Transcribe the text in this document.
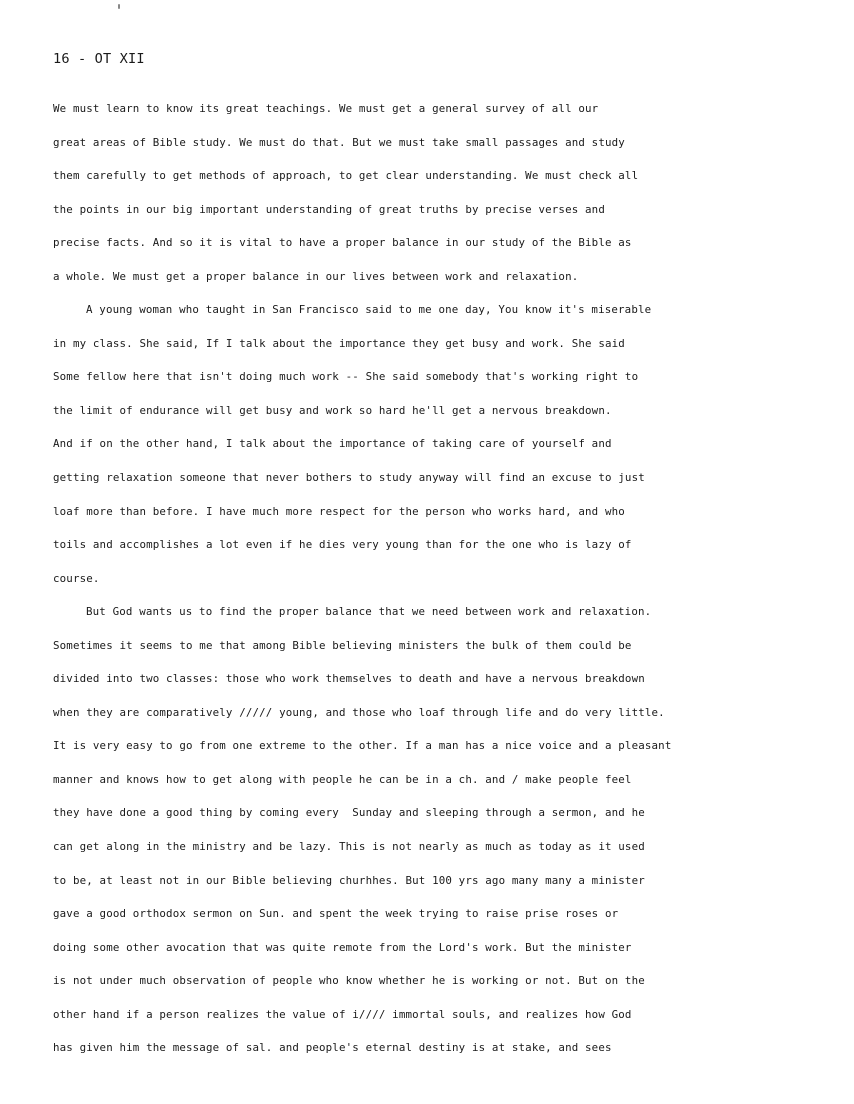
16 - OT XII
We must learn to know its great teachings. We must get a general survey of all our
great areas of Bible study. We must do that. But we must take small passages and study
them carefully to get methods of approach, to get clear understanding. We must check all
the points in our big important understanding of great truths by precise verses and
precise facts. And so it is vital to have a proper balance in our study of the Bible as
a whole. We must get a proper balance in our lives between work and relaxation.
A young woman who taught in San Francisco said to me one day, You know it's miserable
in my class. She said, If I talk about the importance they get busy and work. She said
Some fellow here that isn't doing much work -- She said somebody that's working right to
the limit of endurance will get busy and work so hard he'll get a nervous breakdown.
And if on the other hand, I talk about the importance of taking care of yourself and
getting relaxation someone that never bothers to study anyway will find an excuse to just
loaf more than before. I have much more respect for the person who works hard, and who
toils and accomplishes a lot even if he dies very young than for the one who is lazy of
course.
But God wants us to find the proper balance that we need between work and relaxation.
Sometimes it seems to me that among Bible believing ministers the bulk of them could be
divided into two classes: those who work themselves to death and have a nervous breakdown
when they are comparatively ///// young, and those who loaf through life and do very little.
It is very easy to go from one extreme to the other. If a man has a nice voice and a pleasant
manner and knows how to get along with people he can be in a ch. and / make people feel
they have done a good thing by coming every  Sunday and sleeping through a sermon, and he
can get along in the ministry and be lazy. This is not nearly as much as today as it used
to be, at least not in our Bible believing churhhes. But 100 yrs ago many many a minister
gave a good orthodox sermon on Sun. and spent the week trying to raise prise roses or
doing some other avocation that was quite remote from the Lord's work. But the minister
is not under much observation of people who know whether he is working or not. But on the
other hand if a person realizes the value of i//// immortal souls, and realizes how God
has given him the message of sal. and people's eternal destiny is at stake, and sees
